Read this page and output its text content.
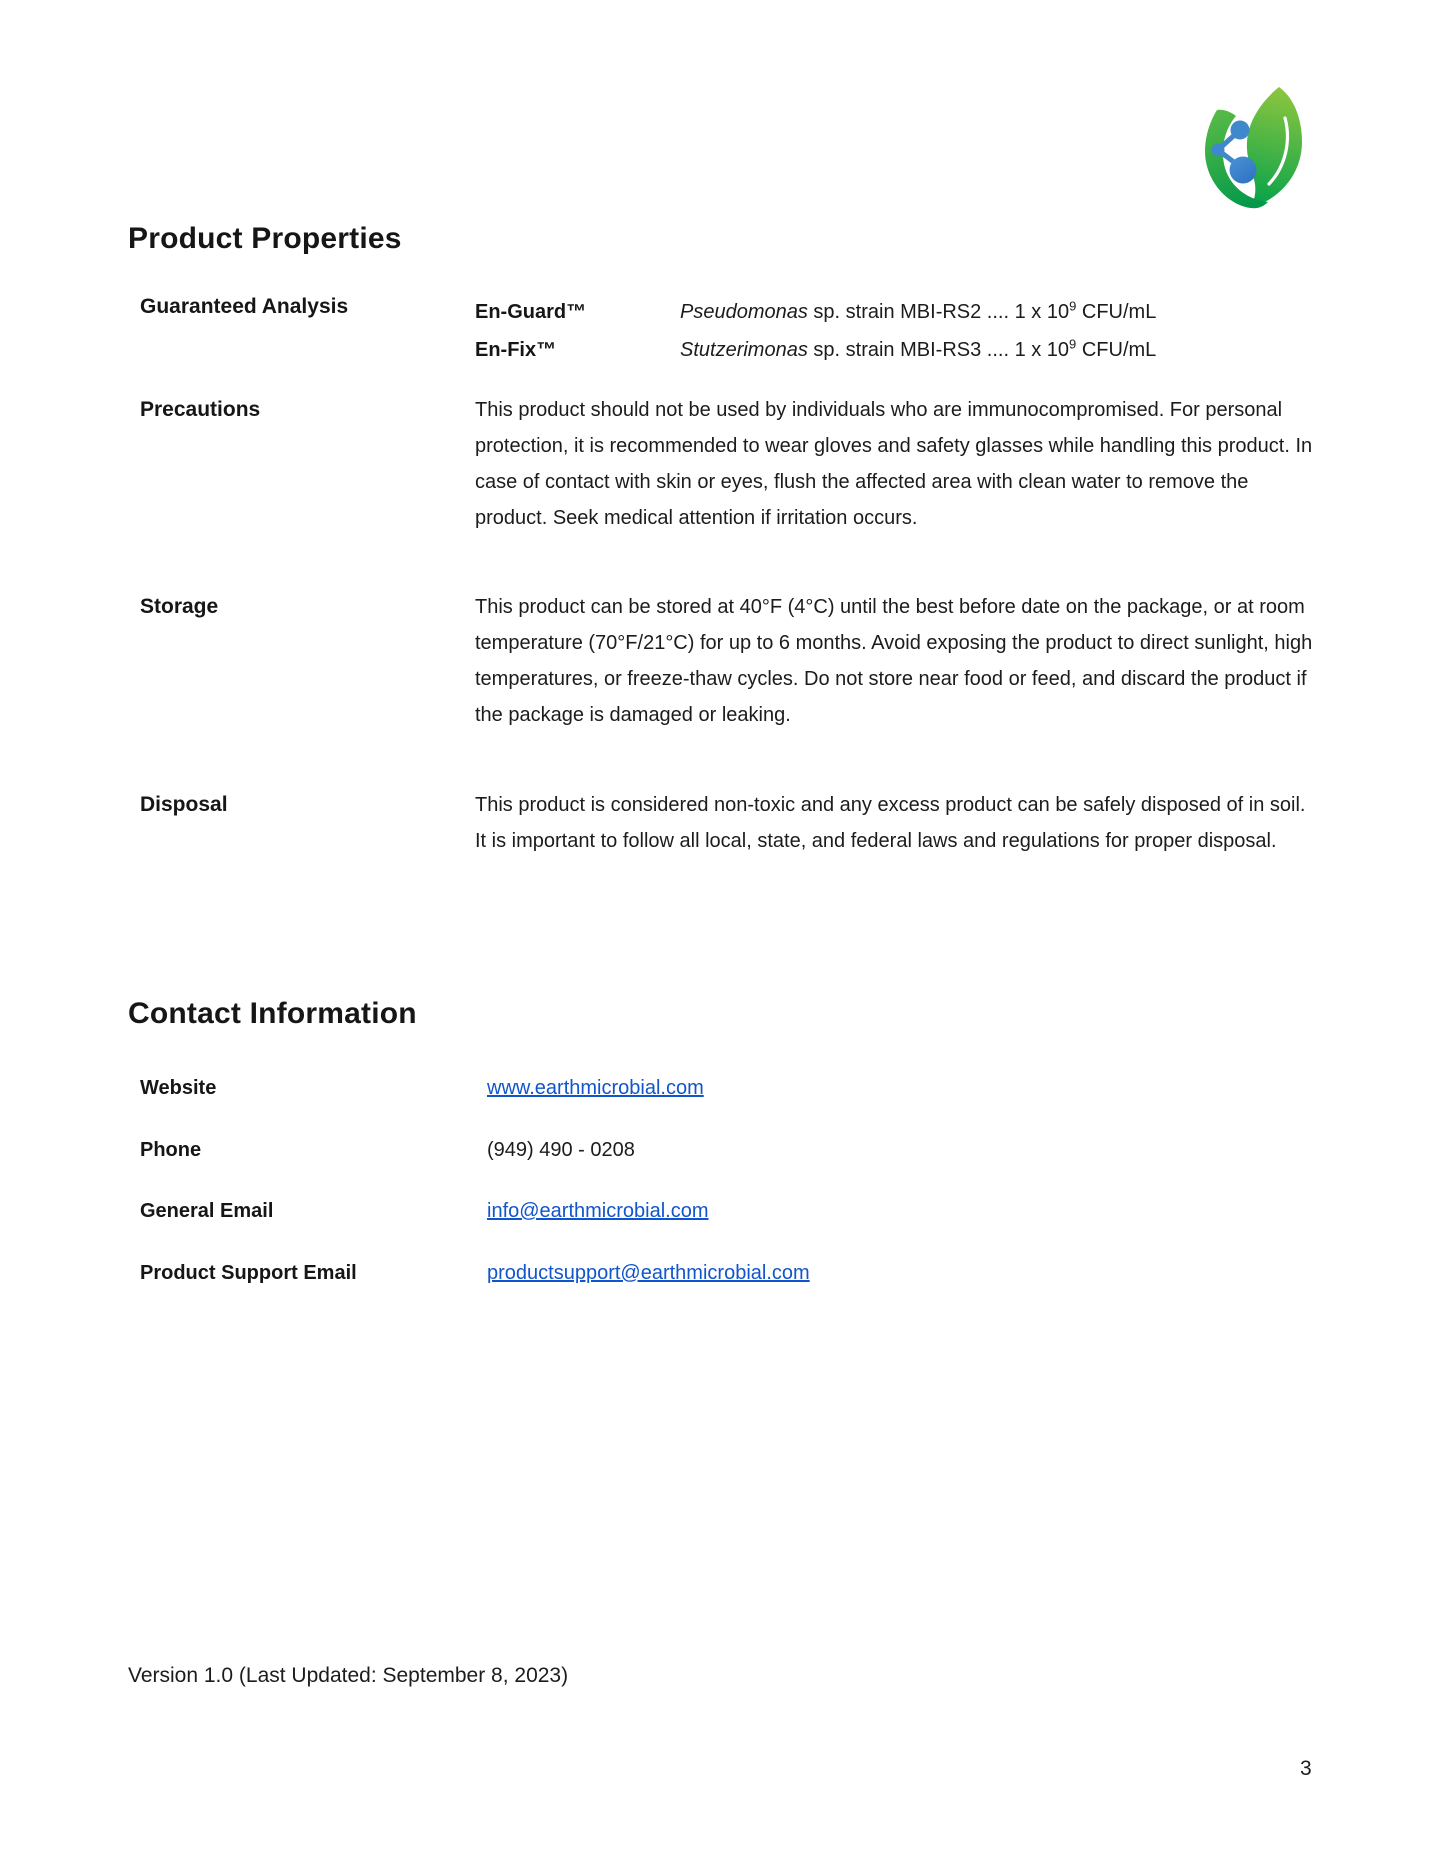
Product Properties
Guaranteed Analysis	En-Guard™	Pseudomonas sp. strain MBI-RS2 .... 1 x $10^9$ CFU/mL
En-Fix™	Stutzerimonas sp. strain MBI-RS3 .... 1 x $10^9$ CFU/mL
Precautions	This product should not be used by individuals who are immunocompromised. For personal protection, it is recommended to wear gloves and safety glasses while handling this product. In case of contact with skin or eyes, flush the affected area with clean water to remove the product. Seek medical attention if irritation occurs.

Storage	This product can be stored at 40°F (4°C) until the best before date on the package, or at room temperature (70°F/21°C) for up to 6 months. Avoid exposing the product to direct sunlight, high temperatures, or freeze-thaw cycles. Do not store near food or feed, and discard the product if the package is damaged or leaking.

Disposal	This product is considered non-toxic and any excess product can be safely disposed of in soil. It is important to follow all local, state, and federal laws and regulations for proper disposal.

Contact Information
Website	www.earthmicrobial.com
Phone	(949) 490 - 0208
General Email	info@earthmicrobial.com
Product Support Email	productsupport@earthmicrobial.com
Version 1.0 (Last Updated: September 8, 2023)
3
